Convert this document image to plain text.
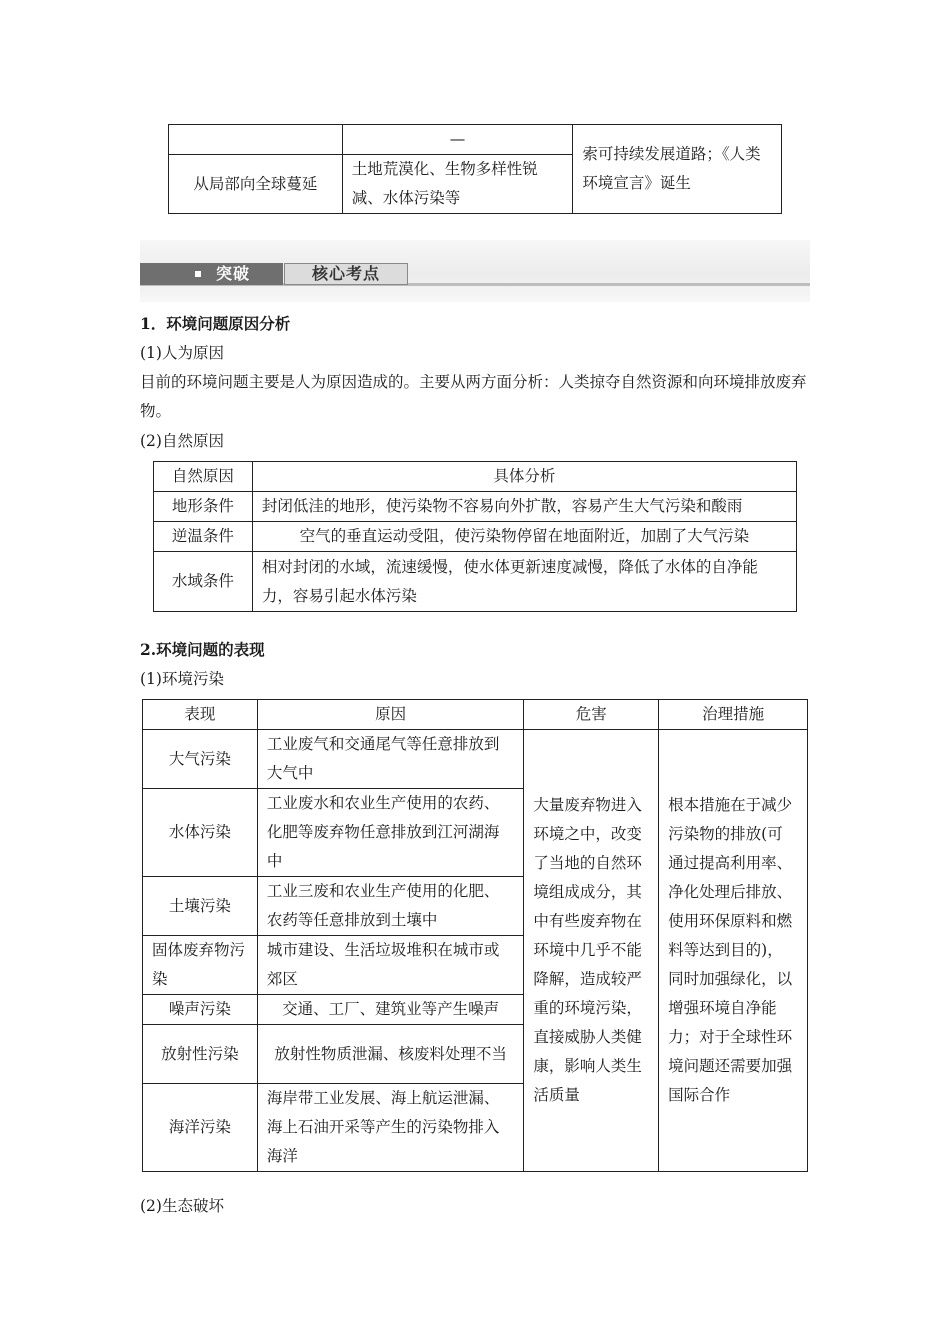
	—	索可持续发展道路；《人类环境宣言》诞生
从局部向全球蔓延	土地荒漠化、生物多样性锐减、水体污染等	
突破	核心考点
1．环境问题原因分析
(1)人为原因
目前的环境问题主要是人为原因造成的。主要从两方面分析：人类掠夺自然资源和向环境排放废弃物。
(2)自然原因
自然原因	具体分析
地形条件	封闭低洼的地形，使污染物不容易向外扩散，容易产生大气污染和酸雨
逆温条件	空气的垂直运动受阻，使污染物停留在地面附近，加剧了大气污染
水域条件	相对封闭的水域，流速缓慢，使水体更新速度减慢，降低了水体的自净能力，容易引起水体污染
2.环境问题的表现
(1)环境污染
表现	原因	危害	治理措施
大气污染	工业废气和交通尾气等任意排放到大气中	大量废弃物进入环境之中，改变了当地的自然环境组成成分，其中有些废弃物在环境中几乎不能降解，造成较严重的环境污染，直接威胁人类健康，影响人类生活质量	根本措施在于减少污染物的排放(可通过提高利用率、净化处理后排放、使用环保原料和燃料等达到目的)，同时加强绿化，以增强环境自净能力；对于全球性环境问题还需要加强国际合作
水体污染	工业废水和农业生产使用的农药、化肥等废弃物任意排放到江河湖海中		
土壤污染	工业三废和农业生产使用的化肥、农药等任意排放到土壤中		
固体废弃物污染	城市建设、生活垃圾堆积在城市或郊区		
噪声污染	交通、工厂、建筑业等产生噪声		
放射性污染	放射性物质泄漏、核废料处理不当		
海洋污染	海岸带工业发展、海上航运泄漏、海上石油开采等产生的污染物排入海洋		
(2)生态破坏
